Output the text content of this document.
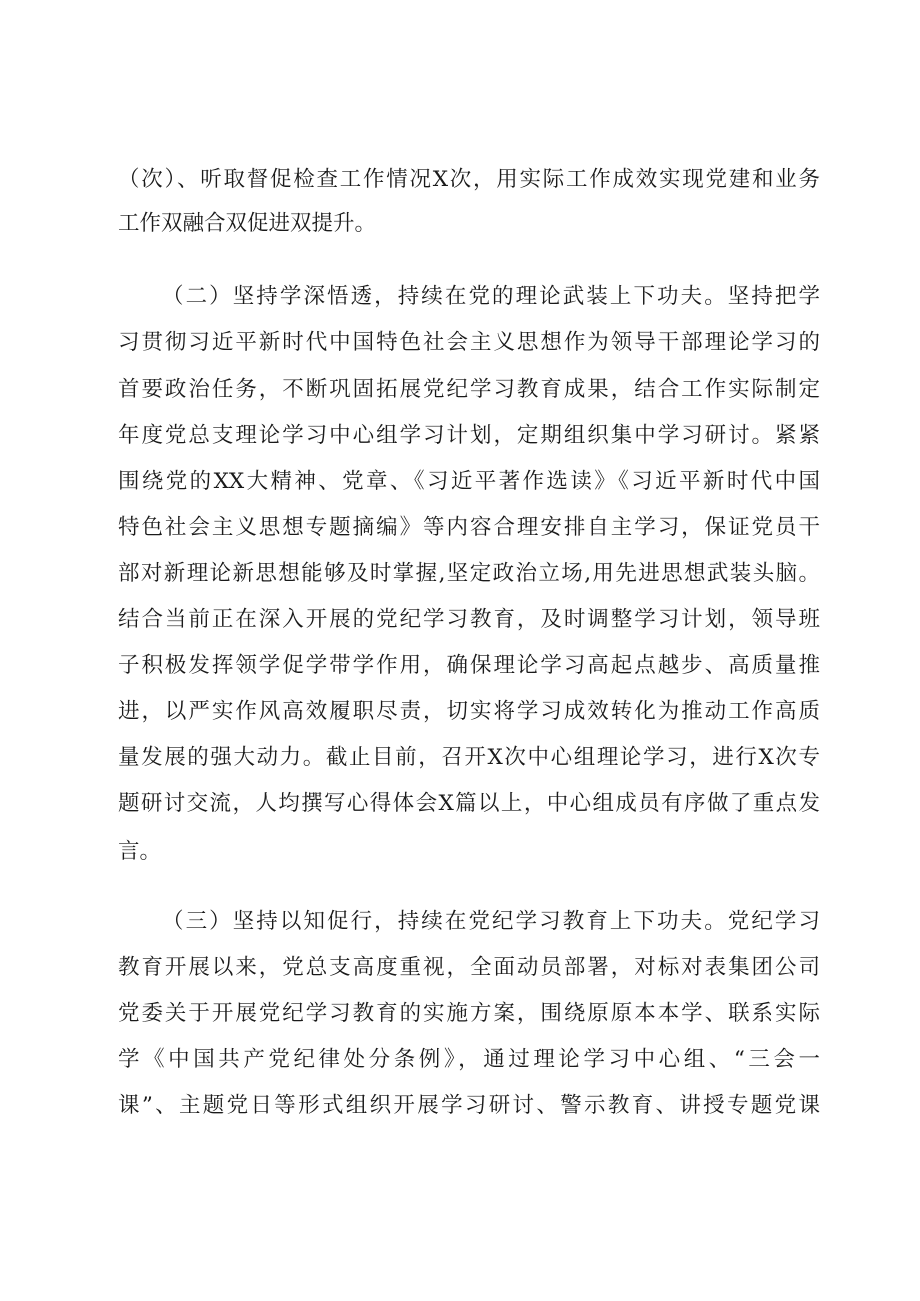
（次）、听取督促检查工作情况X次，用实际工作成效实现党建和业务
工作双融合双促进双提升。
（二）坚持学深悟透，持续在党的理论武装上下功夫。坚持把学
习贯彻习近平新时代中国特色社会主义思想作为领导干部理论学习的
首要政治任务，不断巩固拓展党纪学习教育成果，结合工作实际制定
年度党总支理论学习中心组学习计划，定期组织集中学习研讨。紧紧
围绕党的XX大精神、党章、《习近平著作选读》《习近平新时代中国
特色社会主义思想专题摘编》等内容合理安排自主学习，保证党员干
部对新理论新思想能够及时掌握,坚定政治立场,用先进思想武装头脑。
结合当前正在深入开展的党纪学习教育，及时调整学习计划，领导班
子积极发挥领学促学带学作用，确保理论学习高起点越步、高质量推
进，以严实作风高效履职尽责，切实将学习成效转化为推动工作高质
量发展的强大动力。截止目前，召开X次中心组理论学习，进行X次专
题研讨交流，人均撰写心得体会X篇以上，中心组成员有序做了重点发
言。
（三）坚持以知促行，持续在党纪学习教育上下功夫。党纪学习
教育开展以来，党总支高度重视，全面动员部署，对标对表集团公司
党委关于开展党纪学习教育的实施方案，围绕原原本本学、联系实际
学《中国共产党纪律处分条例》，通过理论学习中心组、“三会一
课”、主题党日等形式组织开展学习研讨、警示教育、讲授专题党课
